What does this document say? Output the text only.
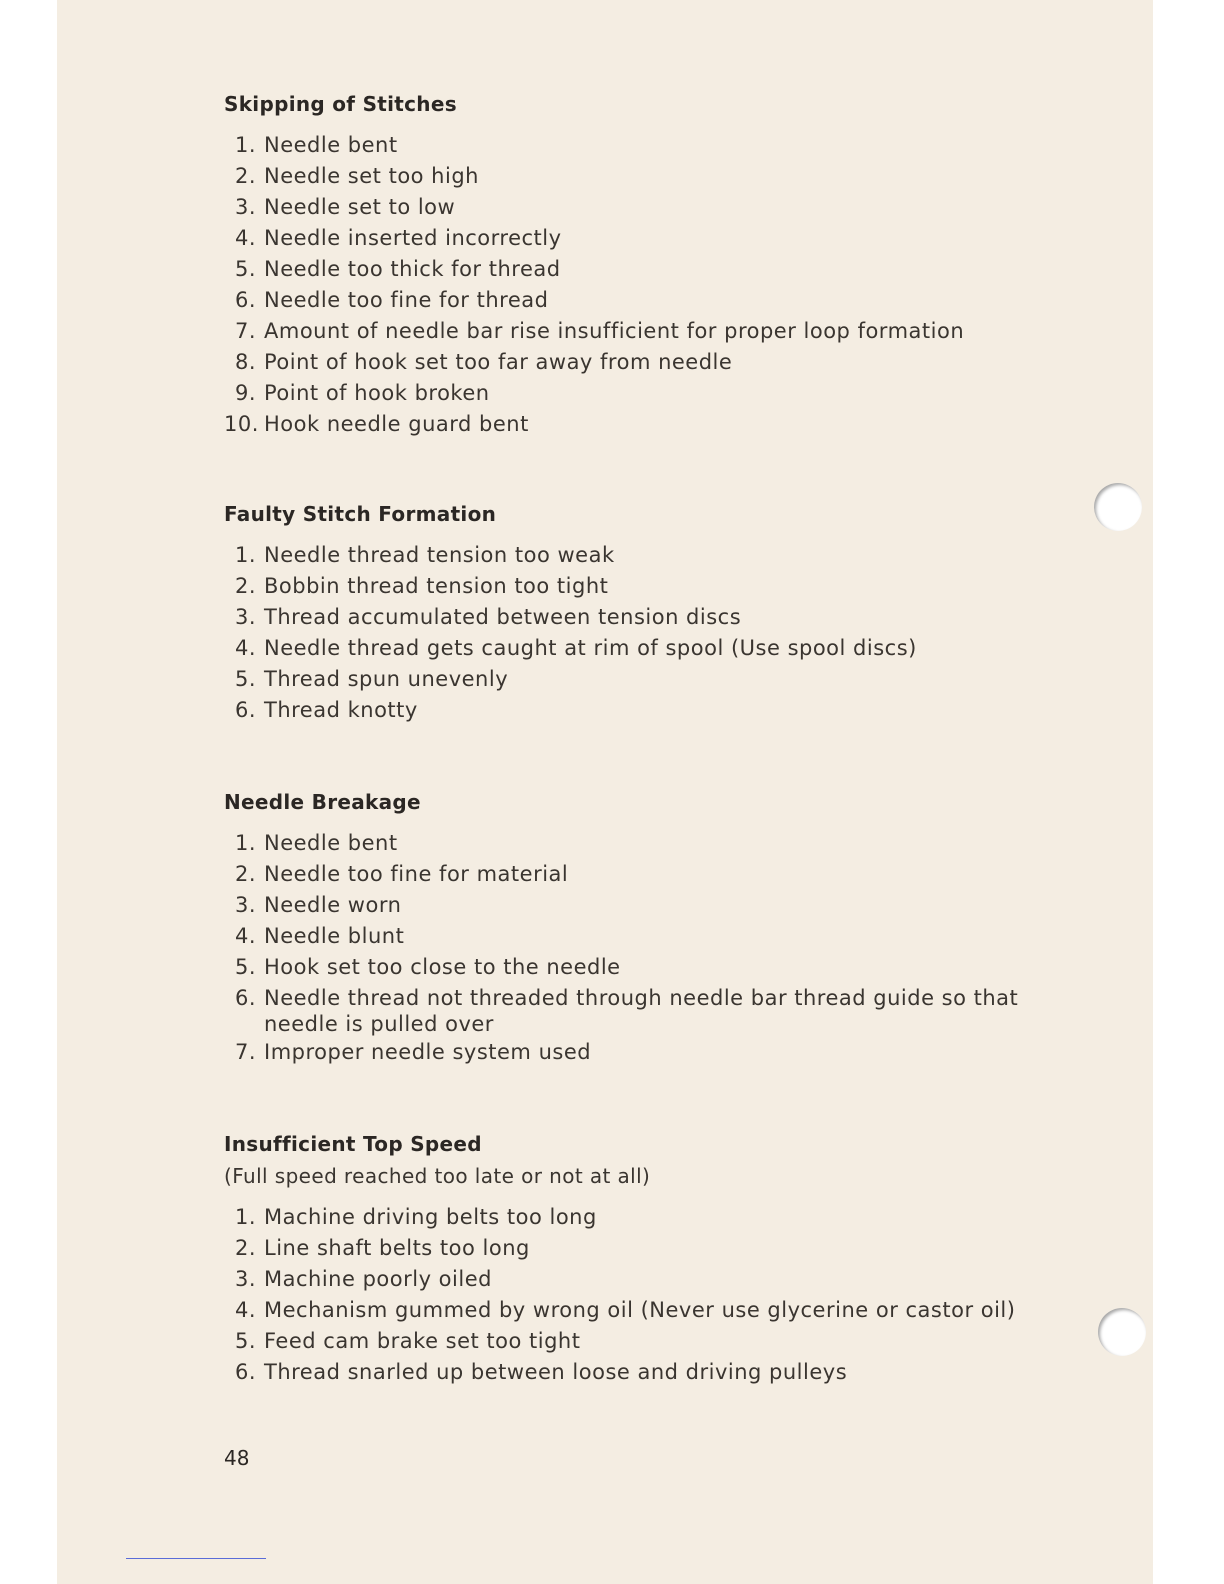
Skipping of Stitches
1. Needle bent
2. Needle set too high
3. Needle set to low
4. Needle inserted incorrectly
5. Needle too thick for thread
6. Needle too fine for thread
7. Amount of needle bar rise insufficient for proper loop formation
8. Point of hook set too far away from needle
9. Point of hook broken
10. Hook needle guard bent
Faulty Stitch Formation
1. Needle thread tension too weak
2. Bobbin thread tension too tight
3. Thread accumulated between tension discs
4. Needle thread gets caught at rim of spool (Use spool discs)
5. Thread spun unevenly
6. Thread knotty
Needle Breakage
1. Needle bent
2. Needle too fine for material
3. Needle worn
4. Needle blunt
5. Hook set too close to the needle
6. Needle thread not threaded through needle bar thread guide so that needle is pulled over
7. Improper needle system used
Insufficient Top Speed
(Full speed reached too late or not at all)
1. Machine driving belts too long
2. Line shaft belts too long
3. Machine poorly oiled
4. Mechanism gummed by wrong oil (Never use glycerine or castor oil)
5. Feed cam brake set too tight
6. Thread snarled up between loose and driving pulleys
48
